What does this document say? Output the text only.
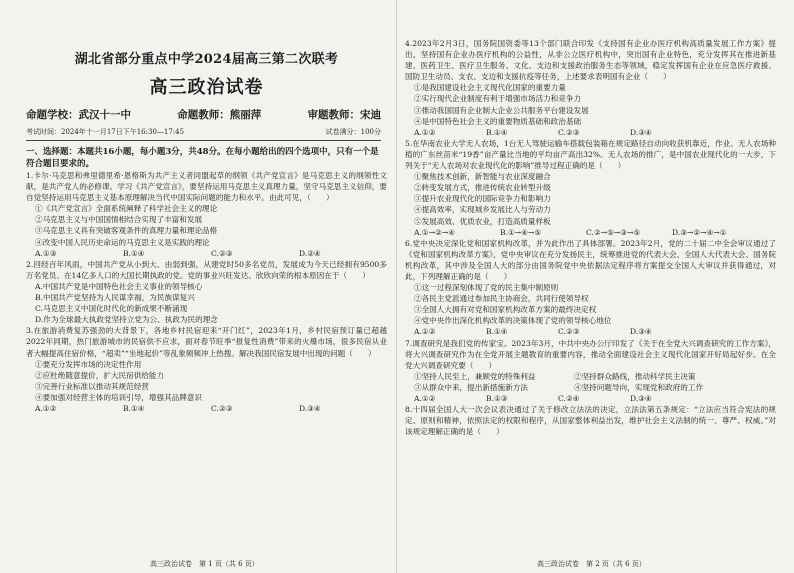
湖北省部分重点中学2024届高三第二次联考
高三政治试卷
命题学校：武汉十一中	命题教师：熊丽萍	审题教师：宋迪
考试时间：2024年十一月17日下午16:30—17:45	试卷满分：100分
一、选择题：本题共16小题，每小题3分，共48分。在每小题给出的四个选项中，只有一个是符合题目要求的。
1.卡尔·马克思和弗里德里希·恩格斯为共产主义者同盟起草的纲领《共产党宣言》是马克思主义的纲领性文献，是共产党人的必修课。学习《共产党宣言》，要坚持运用马克思主义真理力量，坚守马克思主义信仰，要自觉坚持运用马克思主义基本原理解决当代中国实际问题的能力和水平。由此可见，（　　）
①《共产党宣言》全面系统阐释了科学社会主义的理论
②马克思主义与中国国情相结合实现了丰富和发展
③马克思主义具有突破客观条件的真理力量和理论品格
④改变中国人民历史命运的马克思主义是实践的理论
A.①③	B.①④	C.②③	D.②④
2.回经百年风雨，中国共产党从小到大、由弱到强，从建党时50多名党员，发展成为今天已经拥有9500多万名党员、在14亿多人口的大国长期执政的党。党的事业兴旺发达、欣欣向荣的根本原因在于（　　）
A.中国共产党是中国特色社会主义事业的领导核心
B.中国共产党坚持为人民谋幸福，为民族谋复兴
C.马克思主义中国化时代化的新成果不断涌现
D.作为全球最大执政党坚持立党为公、执政为民的理念
3.在旅游消费复苏强劲的大背景下，各地乡村民宿迎来“开门红”，2023年1月，乡村民宿预订量已超越2022年同期，热门旅游城市的民宿供不应求，面对春节旺季“报复性消费”带来的火爆市场，很多民宿从业者大幅提高住宿价格，“超卖”“坐地起价”等乱象频频冲上热搜。解决我国民宿发展中出现的问题（　　）
①要充分发挥市场的决定性作用
②应杜绝随意提价，扩大民宿供给能力
③完善行业标准以推动其规范经营
④要加强对经营主体的培训引导，增强其品牌意识
A.①②	B.①④	C.②③	D.③④
高三政治试卷　第 1 页（共 6 页）
4.2023年2月3日，国务院国资委等13个部门联合印发《支持国有企业办医疗机构高质量发展工作方案》提出，坚持国有企业办医疗机构的公益性，从非公立医疗机构中，突出国有企业特色，充分发挥其在推进新基建、医药卫生、医疗卫生服务、文化、支边和支援政治服务生态等领域，稳定发挥国有企业在应急医疗救援、国防卫生动员、支农、支边和支援抗疫等任务，上述要求表明国有企业（　　）
①是我国建设社会主义现代化国家的重要力量
②实行现代企业制度有利于增强市场活力和竞争力
③推动我国国有企业制大企业公共服务平台建设发展
④是中国特色社会主义的重要物质基础和政治基础
A.①②	B.①④	C.②③	D.③④
5.在华南农业大学无人农场，1台无人驾驶运输车搭载包装箱在规定路径自动向收获机靠近，作业。无人农场种植的广东丝苗米“19香”亩产量比当地的平均亩产高出32%。无人农场的推广，是中国农业现代化的一大步，下列关于“无人农场对农业现代化的影响”推导过程正确的是（　　）
①聚焦技术创新，新智能与农业深度融合
②转变发展方式，推进传统农业转型升级
③提升农业现代化的国际竞争力和影响力
④提高效率，实现城乡发展比人与劳动力
⑤发展高效、优质农业，打造高质量样板
A.①→②→④	B.①→④→⑤	C.②→⑤→③→⑤	D.③→②→④→①
6.党中央决定深化党和国家机构改革，并为此作出了具体部署。2023年2月，党的二十届二中全会审议通过了《党和国家机构改革方案》，党中央审议在充分发扬民主，统筹推进党的代表大会、全国人大代表大会、国务院机构改革，其中涉及全国人大的部分由国务院党中央依据法定程序将方案提交全国人大审议并获得通过，对此，下列理解正确的是（　　）
①这一过程深刻体现了党的民主集中制原则
②各民主党派通过参加民主协商会，共同行使领导权
③全国人大拥有对党和国家机构改革方案的最终决定权
④党中央作出深化机构改革的决策体现了党的领导核心地位
A.①②	B.①④	C.②③	D.③④
7.调查研究是我们党的传家宝。2023年3月，中共中央办公厅印发了《关于在全党大兴调查研究的工作方案》，将大兴调查研究作为在全党开展主题教育的重要内容，推动全面建设社会主义现代化国家开好局起好步。在全党大兴调查研究要（　　）
①坚持人民至上，兼顾党的特殊利益	②坚持群众路线，推动科学民主决策
③从群众中来，提出新措施新方法	④坚持问题导向，实现党和政府的工作
A.①②	B.①③	C.②④	D.③④
8.十四届全国人大一次会议表决通过了关于修改立法法的决定，立法法第五条规定：“立法应当符合宪法的规定、原则和精神，依照法定的权限和程序，从国家整体利益出发，维护社会主义法制的统一、尊严、权威。”对该规定理解正确的是（　　）
高三政治试卷　第 2 页（共 6 页）
